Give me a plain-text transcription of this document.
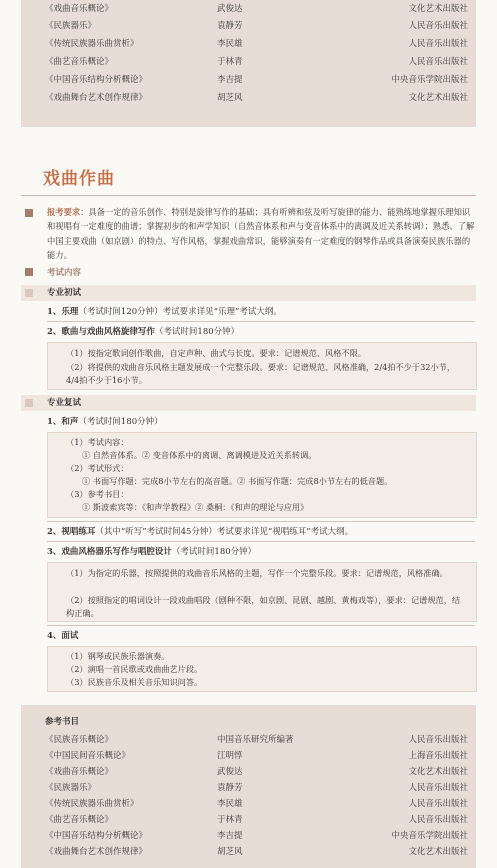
《戏曲音乐概论》	武俊达	文化艺术出版社
《民族器乐》	袁静芳	人民音乐出版社
《传统民族器乐曲赏析》	李民雄	人民音乐出版社
《曲艺音乐概论》	于林青	人民音乐出版社
《中国音乐结构分析概论》	李吉提	中央音乐学院出版社
《戏曲舞台艺术创作规律》	胡芝风	文化艺术出版社
戏曲作曲
报考要求：具备一定的音乐创作、特别是旋律写作的基础；具有听辨和弦及听写旋律的能力、能熟练地掌握乐理知识和视唱有一定难度的曲谱；掌握初步的和声学知识（自然音体系和声与变音体系中的离调及近关系转调）；熟悉、了解中国主要戏曲（如京剧）的特点、写作风格，掌握戏曲常识，能够演奏有一定难度的钢琴作品或具备演奏民族乐器的能力。
考试内容
专业初试
1、乐理（考试时间120分钟）考试要求详见“乐理”考试大纲。
2、歌曲与戏曲风格旋律写作（考试时间180分钟）
（1）按指定歌词创作歌曲，自定声种、曲式与长度。要求：记谱规范、风格不限。
（2）将提供的戏曲音乐风格主题发展成一个完整乐段。要求：记谱规范、风格准确，2/4拍不少于32小节，4/4拍不少于16小节。
专业复试
1、和声（考试时间180分钟）
（1）考试内容：
① 自然音体系。② 变音体系中的离调、离调模进及近关系转调。
（2）考试形式：
① 书面写作题：完成8小节左右的高音题。② 书面写作题：完成8小节左右的低音题。
（3）参考书目：
① 斯波索宾等：《和声学教程》② 桑桐：《和声的理论与应用》
2、视唱练耳（其中“听写”考试时间45分钟）考试要求详见“视唱练耳”考试大纲。
3、戏曲风格器乐写作与唱腔设计（考试时间180分钟）
（1）为指定的乐器，按照提供的戏曲音乐风格的主题，写作一个完整乐段。要求：记谱规范，风格准确。
（2）按照指定的唱词设计一段戏曲唱段（剧种不限，如京剧、昆剧、越剧、黄梅戏等），要求：记谱规范，结构正确。
4、面试
（1）钢琴或民族乐器演奏。
（2）演唱一首民歌或戏曲曲艺片段。
（3）民族音乐及相关音乐知识问答。
参考书目
《民族音乐概论》	中国音乐研究所编著	人民音乐出版社
《中国民间音乐概论》	江明惇	上海音乐出版社
《戏曲音乐概论》	武俊达	文化艺术出版社
《民族器乐》	袁静芳	人民音乐出版社
《传统民族器乐曲赏析》	李民雄	人民音乐出版社
《曲艺音乐概论》	于林青	人民音乐出版社
《中国音乐结构分析概论》	李吉提	中央音乐学院出版社
《戏曲舞台艺术创作规律》	胡芝风	文化艺术出版社
